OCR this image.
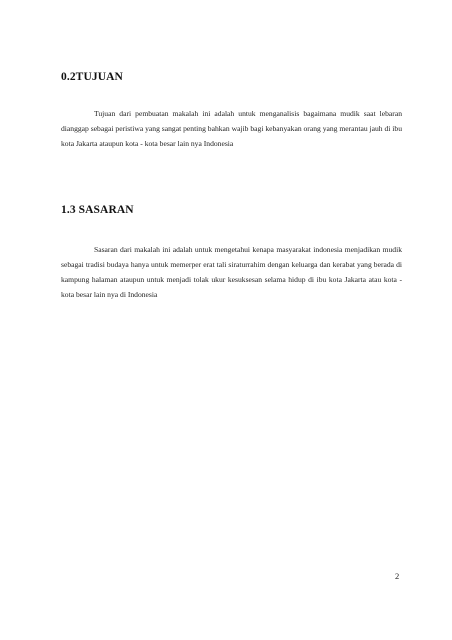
0.2TUJUAN

Tujuan dari pembuatan makalah ini adalah untuk menganalisis bagaimana mudik saat lebaran dianggap sebagai peristiwa yang sangat penting bahkan wajib bagi kebanyakan orang yang merantau jauh di ibu kota Jakarta ataupun kota - kota besar lain nya Indonesia

1.3 SASARAN

Sasaran dari makalah ini adalah untuk mengetahui kenapa masyarakat indonesia menjadikan mudik sebagai tradisi budaya hanya untuk memerper erat tali siraturrahim dengan keluarga dan kerabat yang berada di kampung halaman ataupun untuk menjadi tolak ukur kesuksesan selama hidup di ibu kota Jakarta atau kota - kota besar lain nya di Indonesia

2
